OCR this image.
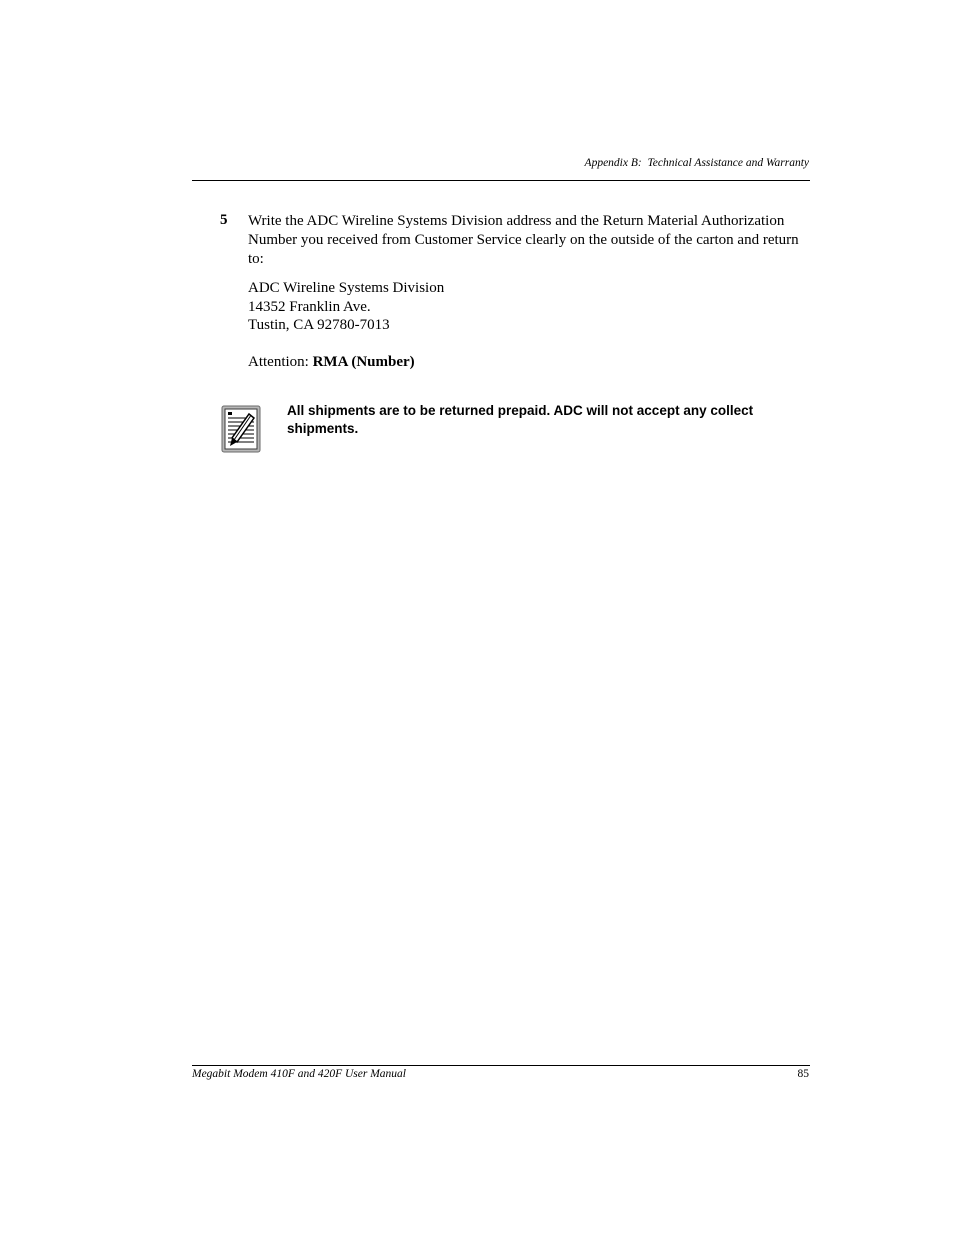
Appendix B:  Technical Assistance and Warranty
5 Write the ADC Wireline Systems Division address and the Return Material Authorization Number you received from Customer Service clearly on the outside of the carton and return to:
ADC Wireline Systems Division
14352 Franklin Ave.
Tustin, CA 92780-7013
Attention: RMA (Number)
All shipments are to be returned prepaid. ADC will not accept any collect shipments.
Megabit Modem 410F and 420F User Manual	85
